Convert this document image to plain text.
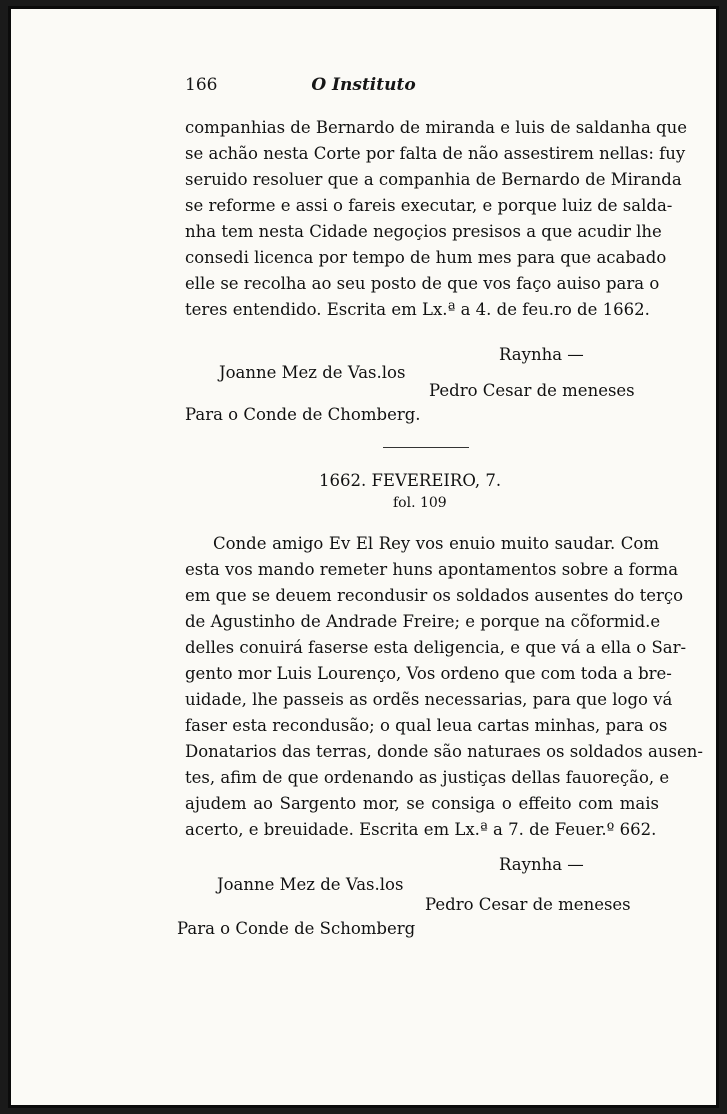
166	O Instituto
companhias de Bernardo de miranda e luis de saldanha que
se achão nesta Corte por falta de não assestirem nellas: fuy
seruido resoluer que a companhia de Bernardo de Miranda
se reforme e assi o fareis executar, e porque luiz de salda-
nha tem nesta Cidade negoçios presisos a que acudir lhe
consedi licenca por tempo de hum mes para que acabado
elle se recolha ao seu posto de que vos faço auiso para o
teres entendido. Escrita em Lx.ª a 4. de feu.ro de 1662.
Raynha —
Joanne Mez de Vas.los
Pedro Cesar de meneses
Para o Conde de Chomberg.
1662. FEVEREIRO, 7.
fol. 109
Conde amigo Ev El Rey vos enuio muito saudar. Com
esta vos mando remeter huns apontamentos sobre a forma
em que se deuem recondusir os soldados ausentes do terço
de Agustinho de Andrade Freire; e porque na cõformid.e
delles conuirá faserse esta deligencia, e que vá a ella o Sar-
gento mor Luis Lourenço, Vos ordeno que com toda a bre-
uidade, lhe passeis as ordẽs necessarias, para que logo vá
faser esta recondusão; o qual leua cartas minhas, para os
Donatarios das terras, donde são naturaes os soldados ausen-
tes, afim de que ordenando as justiças dellas fauoreção, e
ajudem ao Sargento mor, se consiga o effeito com mais
acerto, e breuidade. Escrita em Lx.ª a 7. de Feuer.º 662.
Raynha —
Joanne Mez de Vas.los
Pedro Cesar de meneses
Para o Conde de Schomberg
